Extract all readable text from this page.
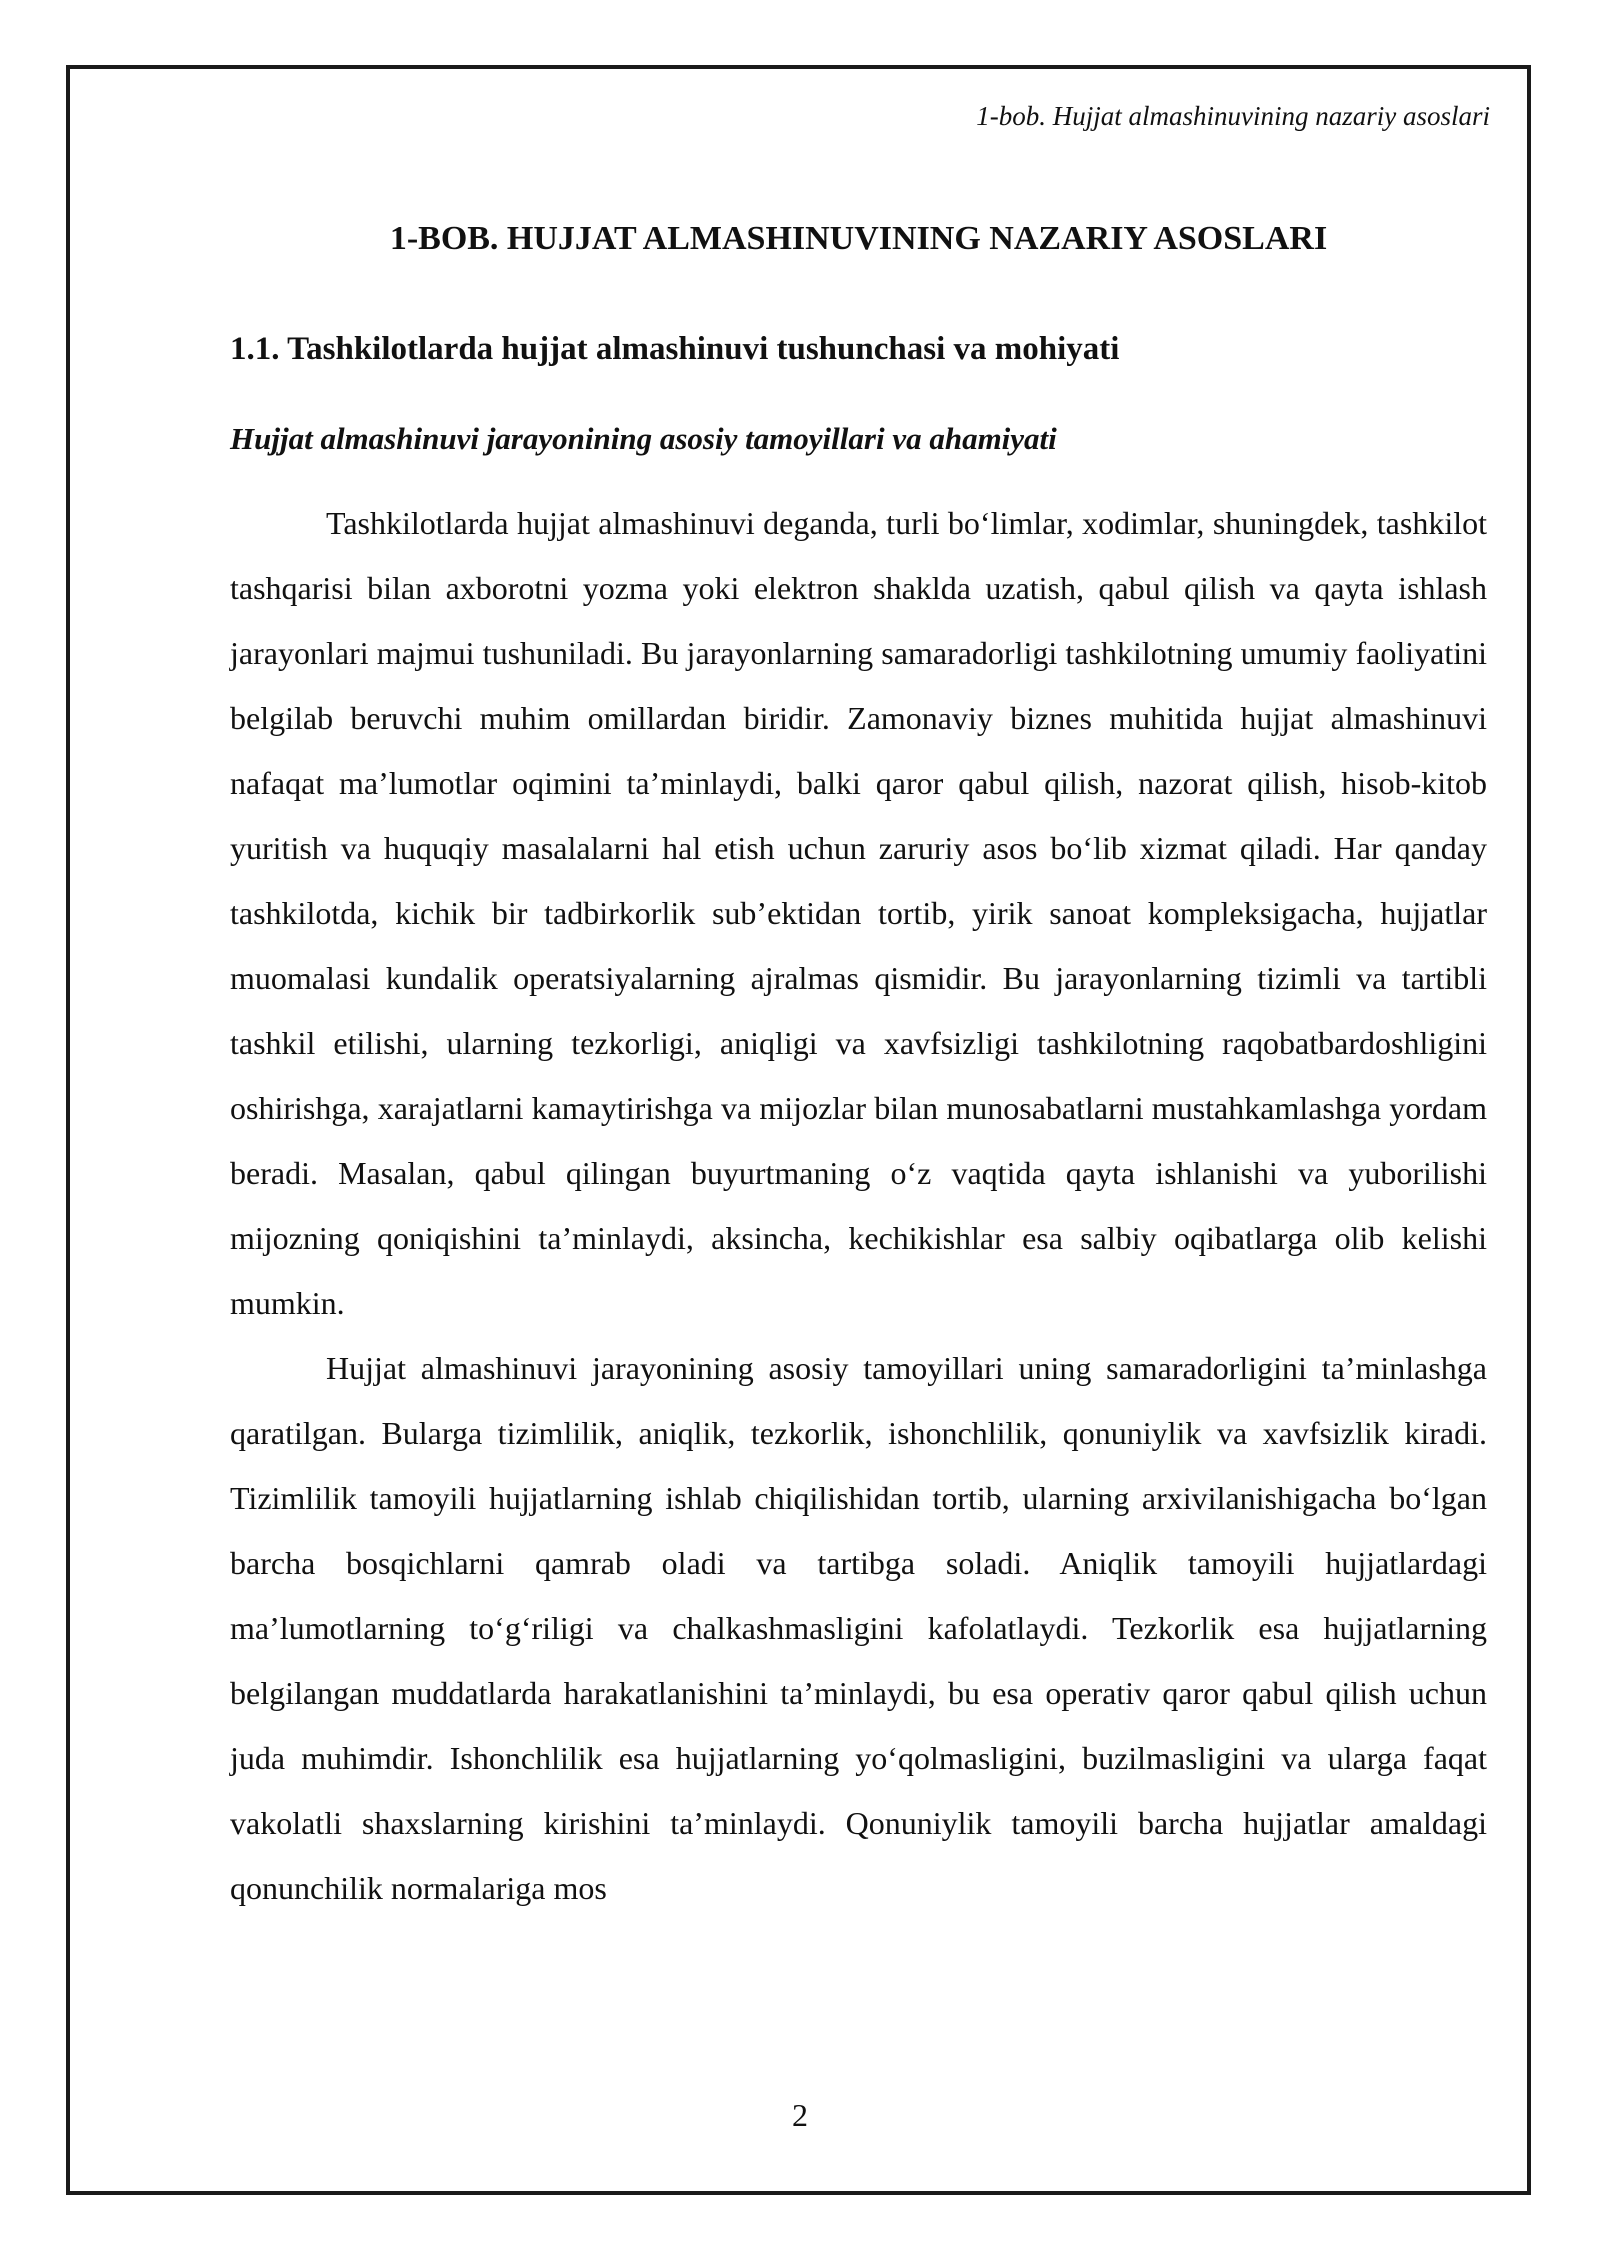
1-bob. Hujjat almashinuvining nazariy asoslari
1-BOB. HUJJAT ALMASHINUVINING NAZARIY ASOSLARI
1.1. Tashkilotlarda hujjat almashinuvi tushunchasi va mohiyati
Hujjat almashinuvi jarayonining asosiy tamoyillari va ahamiyati

Tashkilotlarda hujjat almashinuvi deganda, turli bo‘limlar, xodimlar, shuningdek, tashkilot tashqarisi bilan axborotni yozma yoki elektron shaklda uzatish, qabul qilish va qayta ishlash jarayonlari majmui tushuniladi. Bu jarayonlarning samaradorligi tashkilotning umumiy faoliyatini belgilab beruvchi muhim omillardan biridir. Zamonaviy biznes muhitida hujjat almashinuvi nafaqat ma’lumotlar oqimini ta’minlaydi, balki qaror qabul qilish, nazorat qilish, hisob-kitob yuritish va huquqiy masalalarni hal etish uchun zaruriy asos bo‘lib xizmat qiladi. Har qanday tashkilotda, kichik bir tadbirkorlik sub’ektidan tortib, yirik sanoat kompleksigacha, hujjatlar muomalasi kundalik operatsiyalarning ajralmas qismidir. Bu jarayonlarning tizimli va tartibli tashkil etilishi, ularning tezkorligi, aniqligi va xavfsizligi tashkilotning raqobatbardoshligini oshirishga, xarajatlarni kamaytirishga va mijozlar bilan munosabatlarni mustahkamlashga yordam beradi. Masalan, qabul qilingan buyurtmaning o‘z vaqtida qayta ishlanishi va yuborilishi mijozning qoniqishini ta’minlaydi, aksincha, kechikishlar esa salbiy oqibatlarga olib kelishi mumkin.

Hujjat almashinuvi jarayonining asosiy tamoyillari uning samaradorligini ta’minlashga qaratilgan. Bularga tizimlilik, aniqlik, tezkorlik, ishonchlilik, qonuniylik va xavfsizlik kiradi. Tizimlilik tamoyili hujjatlarning ishlab chiqilishidan tortib, ularning arxivilanishigacha bo‘lgan barcha bosqichlarni qamrab oladi va tartibga soladi. Aniqlik tamoyili hujjatlardagi ma’lumotlarning to‘g‘riligi va chalkashmasligini kafolatlaydi. Tezkorlik esa hujjatlarning belgilangan muddatlarda harakatlanishini ta’minlaydi, bu esa operativ qaror qabul qilish uchun juda muhimdir. Ishonchlilik esa hujjatlarning yo‘qolmasligini, buzilmasligini va ularga faqat vakolatli shaxslarning kirishini ta’minlaydi. Qonuniylik tamoyili barcha hujjatlar amaldagi qonunchilik normalariga mos

2
